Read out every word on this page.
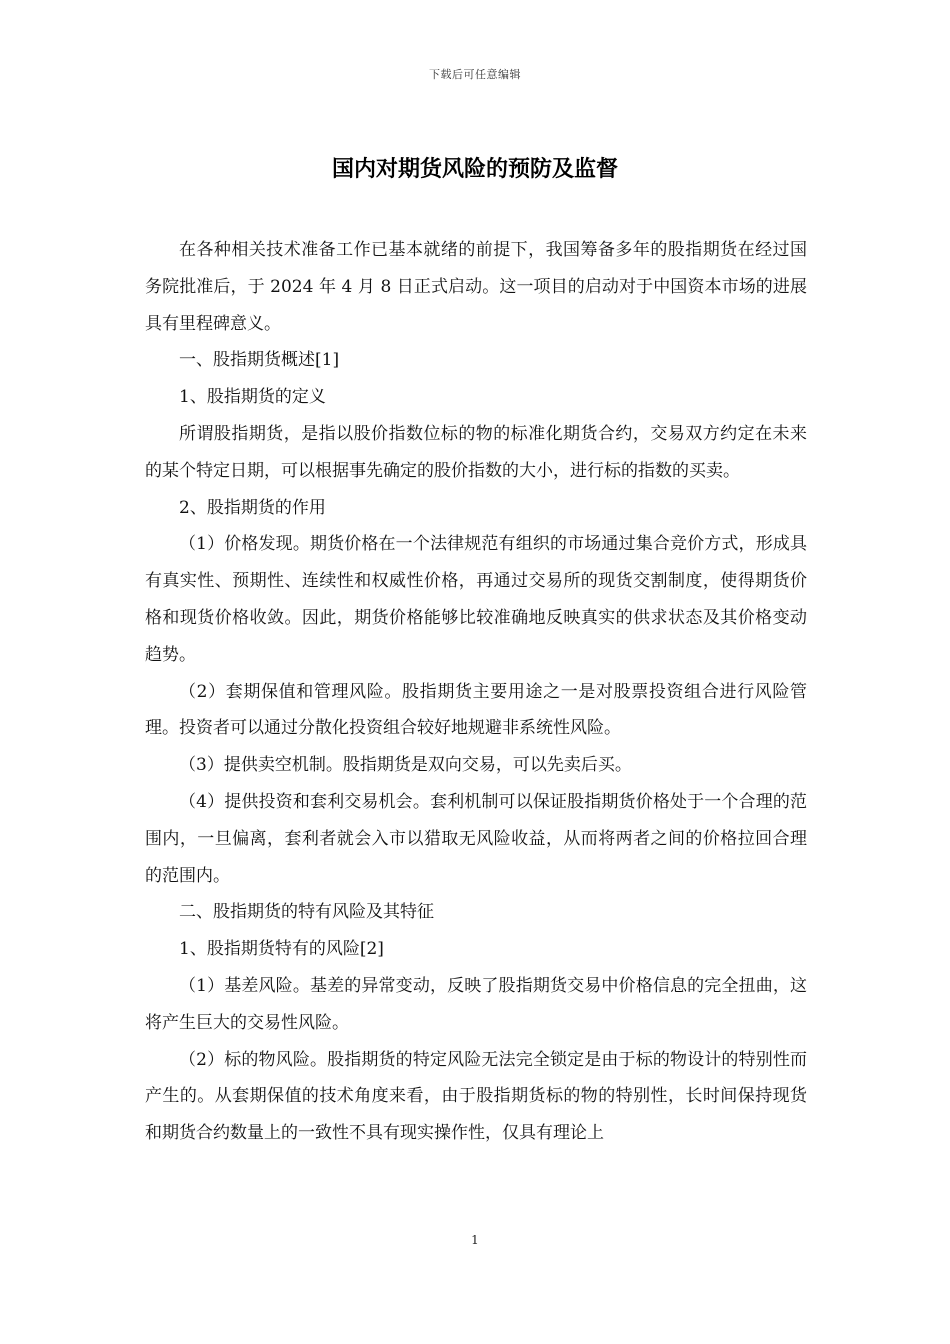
下载后可任意编辑
国内对期货风险的预防及监督

在各种相关技术准备工作已基本就绪的前提下，我国筹备多年的股指期货在经过国务院批准后，于 2024 年 4 月 8 日正式启动。这一项目的启动对于中国资本市场的进展具有里程碑意义。

一、股指期货概述[1]

1、股指期货的定义

所谓股指期货，是指以股价指数位标的物的标准化期货合约，交易双方约定在未来的某个特定日期，可以根据事先确定的股价指数的大小，进行标的指数的买卖。

2、股指期货的作用

（1）价格发现。期货价格在一个法律规范有组织的市场通过集合竞价方式，形成具有真实性、预期性、连续性和权威性价格，再通过交易所的现货交割制度，使得期货价格和现货价格收敛。因此，期货价格能够比较准确地反映真实的供求状态及其价格变动趋势。

（2）套期保值和管理风险。股指期货主要用途之一是对股票投资组合进行风险管理。投资者可以通过分散化投资组合较好地规避非系统性风险。

（3）提供卖空机制。股指期货是双向交易，可以先卖后买。

（4）提供投资和套利交易机会。套利机制可以保证股指期货价格处于一个合理的范围内，一旦偏离，套利者就会入市以猎取无风险收益，从而将两者之间的价格拉回合理的范围内。

二、股指期货的特有风险及其特征

1、股指期货特有的风险[2]

（1）基差风险。基差的异常变动，反映了股指期货交易中价格信息的完全扭曲，这将产生巨大的交易性风险。

（2）标的物风险。股指期货的特定风险无法完全锁定是由于标的物设计的特别性而产生的。从套期保值的技术角度来看，由于股指期货标的物的特别性，长时间保持现货和期货合约数量上的一致性不具有现实操作性，仅具有理论上

1
